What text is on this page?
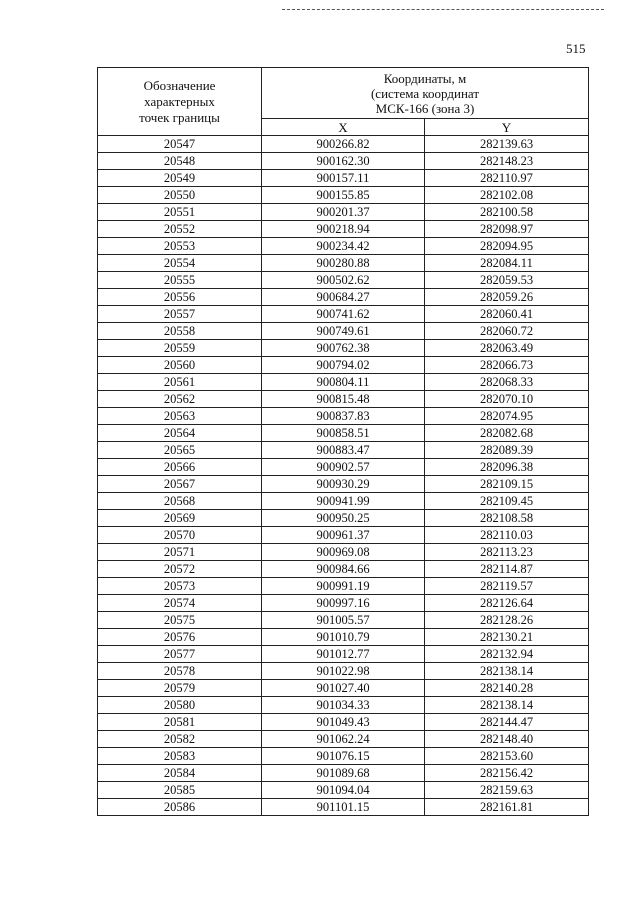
515
Обозначение
характерных
точек границы	Координаты, м
(система координат
МСК-166 (зона 3)	

	X	Y
20547	900266.82	282139.63
20548	900162.30	282148.23
20549	900157.11	282110.97
20550	900155.85	282102.08
20551	900201.37	282100.58
20552	900218.94	282098.97
20553	900234.42	282094.95
20554	900280.88	282084.11
20555	900502.62	282059.53
20556	900684.27	282059.26
20557	900741.62	282060.41
20558	900749.61	282060.72
20559	900762.38	282063.49
20560	900794.02	282066.73
20561	900804.11	282068.33
20562	900815.48	282070.10
20563	900837.83	282074.95
20564	900858.51	282082.68
20565	900883.47	282089.39
20566	900902.57	282096.38
20567	900930.29	282109.15
20568	900941.99	282109.45
20569	900950.25	282108.58
20570	900961.37	282110.03
20571	900969.08	282113.23
20572	900984.66	282114.87
20573	900991.19	282119.57
20574	900997.16	282126.64
20575	901005.57	282128.26
20576	901010.79	282130.21
20577	901012.77	282132.94
20578	901022.98	282138.14
20579	901027.40	282140.28
20580	901034.33	282138.14
20581	901049.43	282144.47
20582	901062.24	282148.40
20583	901076.15	282153.60
20584	901089.68	282156.42
20585	901094.04	282159.63
20586	901101.15	282161.81
